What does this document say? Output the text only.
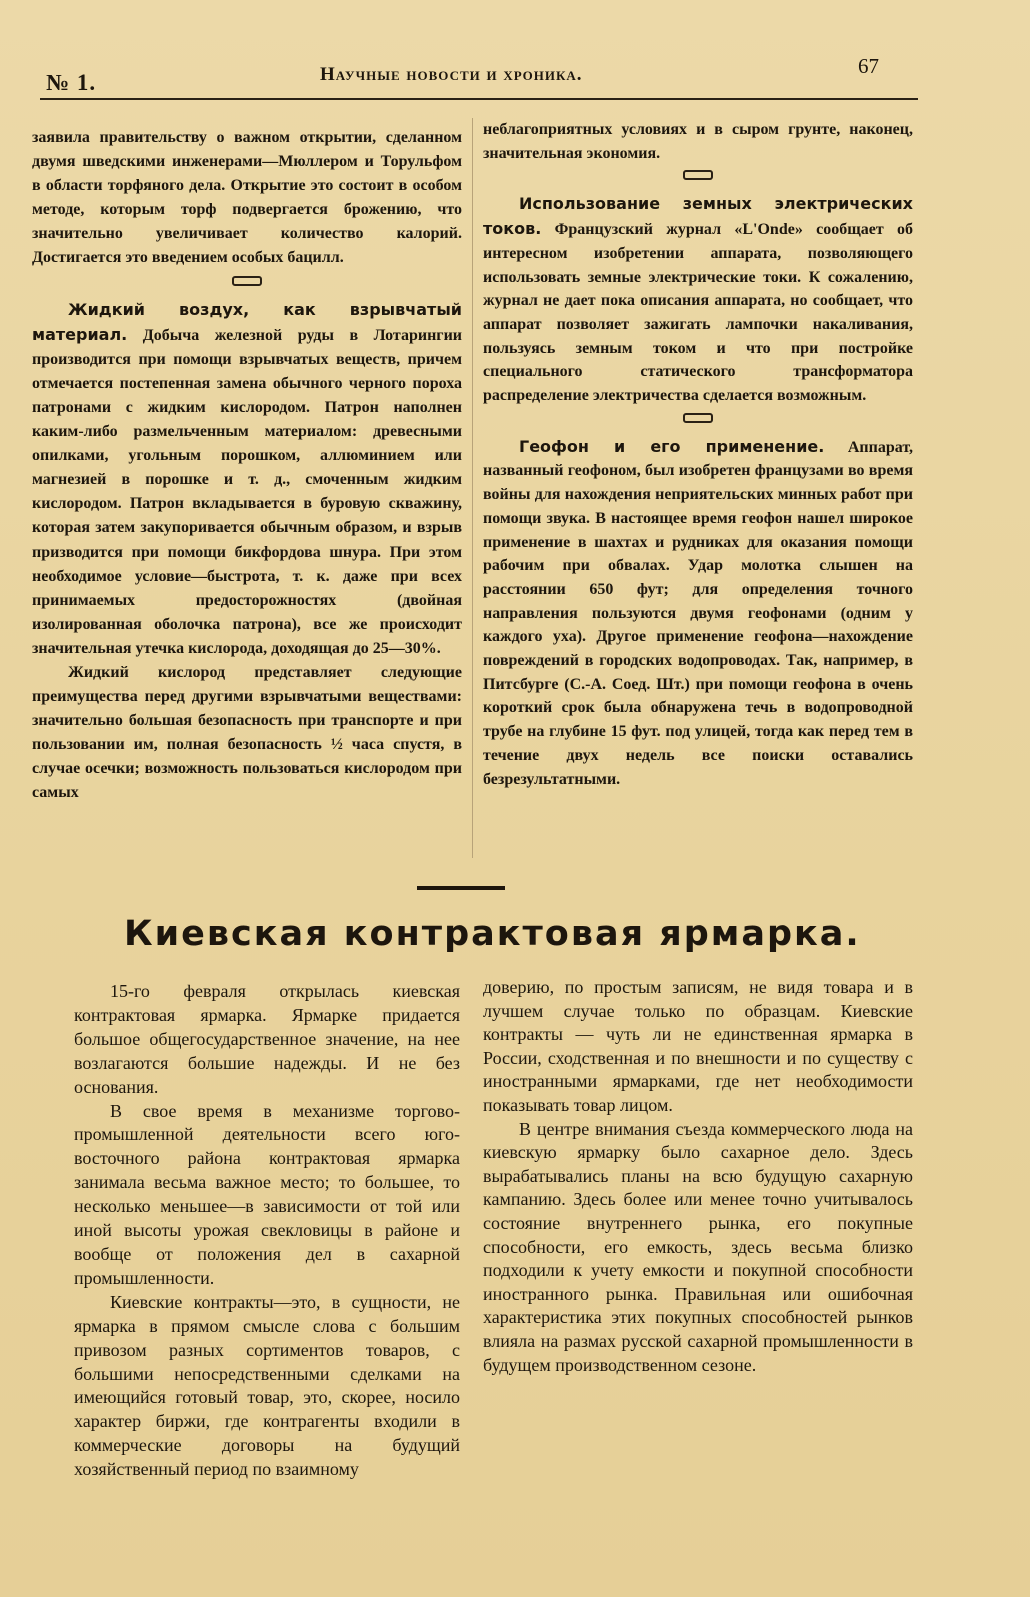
№ 1.	Научные новости и хроника.	67

заявила правительству о важном открытии, сделанном двумя шведскими инженерами—Мюллером и Торульфом в области торфяного дела. Открытие это состоит в особом методе, которым торф подвергается брожению, что значительно увеличивает количество калорий. Достигается это введением особых бацилл.

Жидкий воздух, как взрывчатый материал. Добыча железной руды в Лотарингии производится при помощи взрывчатых веществ, причем отмечается постепенная замена обычного черного пороха патронами с жидким кислородом. Патрон наполнен каким-либо размельченным материалом: древесными опилками, угольным порошком, аллюминием или магнезией в порошке и т. д., смоченным жидким кислородом. Патрон вкладывается в буровую скважину, которая затем закупоривается обычным образом, и взрыв призводится при помощи бикфордова шнура. При этом необходимое условие—быстрота, т. к. даже при всех принимаемых предосторожностях (двойная изолированная оболочка патрона), все же происходит значительная утечка кислорода, доходящая до 25—30%.

Жидкий кислород представляет следующие преимущества перед другими взрывчатыми веществами: значительно большая безопасность при транспорте и при пользовании им, полная безопасность ½ часа спустя, в случае осечки; возможность пользоваться кислородом при самых

неблагоприятных условиях и в сыром грунте, наконец, значительная экономия.

Использование земных электрических токов. Французский журнал «L'Onde» сообщает об интересном изобретении аппарата, позволяющего использовать земные электрические токи. К сожалению, журнал не дает пока описания аппарата, но сообщает, что аппарат позволяет зажигать лампочки накаливания, пользуясь земным током и что при постройке специального статического трансформатора распределение электричества сделается возможным.

Геофон и его применение. Аппарат, названный геофоном, был изобретен французами во время войны для нахождения неприятельских минных работ при помощи звука. В настоящее время геофон нашел широкое применение в шахтах и рудниках для оказания помощи рабочим при обвалах. Удар молотка слышен на расстоянии 650 фут; для определения точного направления пользуются двумя геофонами (одним у каждого уха). Другое применение геофона—нахождение повреждений в городских водопроводах. Так, например, в Питсбурге (С.-А. Соед. Шт.) при помощи геофона в очень короткий срок была обнаружена течь в водопроводной трубе на глубине 15 фут. под улицей, тогда как перед тем в течение двух недель все поиски оставались безрезультатными.

Киевская контрактовая ярмарка.

15-го февраля открылась киевская контрактовая ярмарка. Ярмарке придается большое общегосударственное значение, на нее возлагаются большие надежды. И не без основания.

В свое время в механизме торгово-промышленной деятельности всего юго-восточного района контрактовая ярмарка занимала весьма важное место; то большее, то несколько меньшее—в зависимости от той или иной высоты урожая свекловицы в районе и вообще от положения дел в сахарной промышленности.

Киевские контракты—это, в сущности, не ярмарка в прямом смысле слова с большим привозом разных сортиментов товаров, с большими непосредственными сделками на имеющийся готовый товар, это, скорее, носило характер биржи, где контрагенты входили в коммерческие договоры на будущий хозяйственный период по взаимному

доверию, по простым записям, не видя товара и в лучшем случае только по образцам. Киевские контракты — чуть ли не единственная ярмарка в России, сходственная и по внешности и по существу с иностранными ярмарками, где нет необходимости показывать товар лицом.

В центре внимания съезда коммерческого люда на киевскую ярмарку было сахарное дело. Здесь вырабатывались планы на всю будущую сахарную кампанию. Здесь более или менее точно учитывалось состояние внутреннего рынка, его покупные способности, его емкость, здесь весьма близко подходили к учету емкости и покупной способности иностранного рынка. Правильная или ошибочная характеристика этих покупных способностей рынков влияла на размах русской сахарной промышленности в будущем производственном сезоне.
